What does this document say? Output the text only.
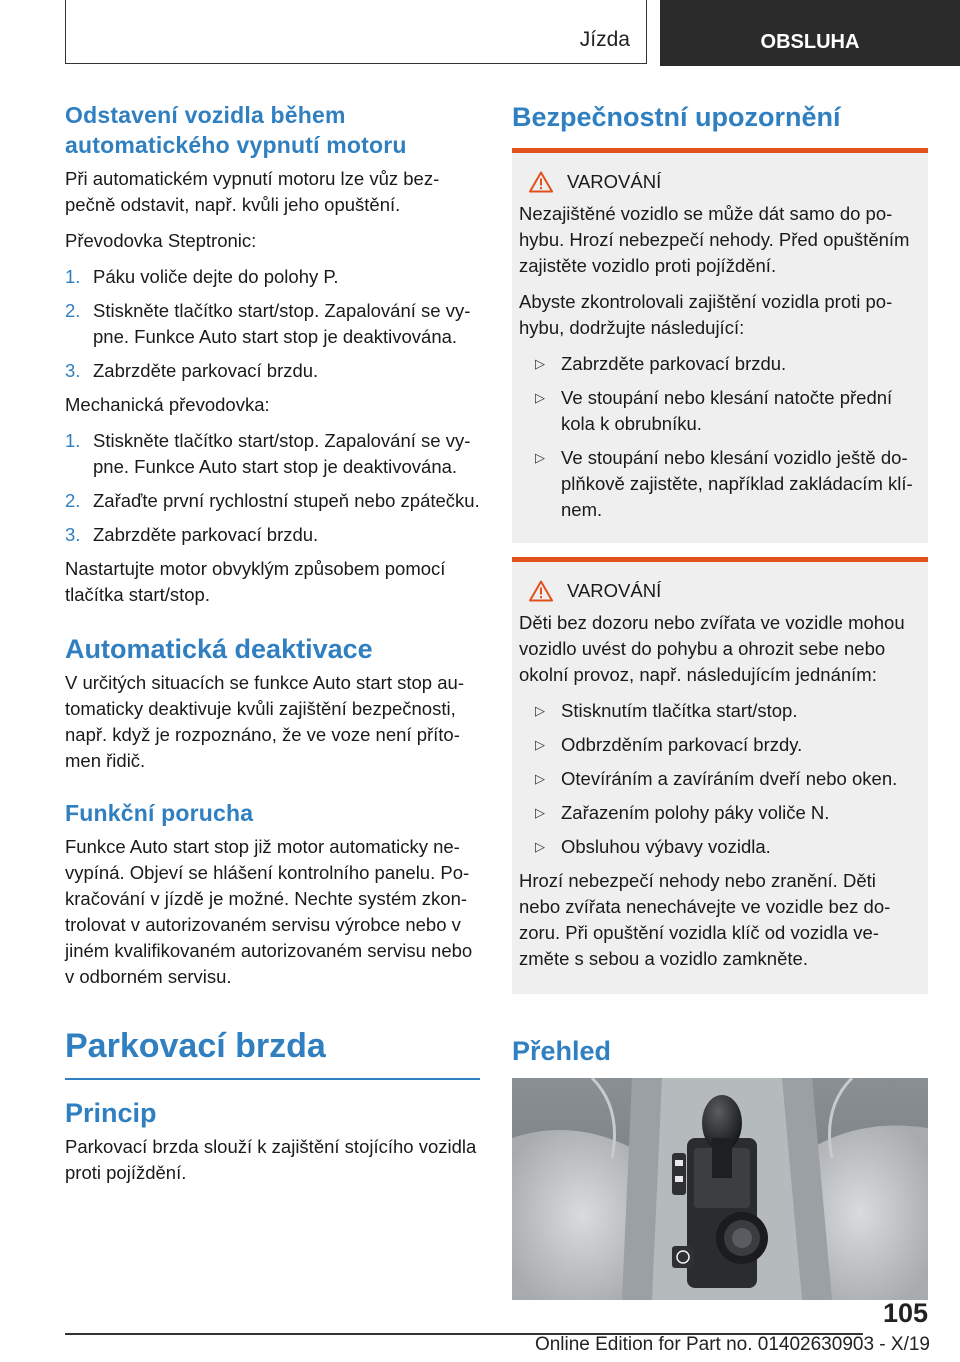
Jízda	OBSLUHA
Odstavení vozidla během automatického vypnutí motoru

Při automatickém vypnutí motoru lze vůz bezpečně odstavit, např. kvůli jeho opuštění.

Převodovka Steptronic:

1. Páku voliče dejte do polohy P.
2. Stiskněte tlačítko start/stop. Zapalování se vypne. Funkce Auto start stop je deaktivována.
3. Zabrzděte parkovací brzdu.

Mechanická převodovka:

1. Stiskněte tlačítko start/stop. Zapalování se vypne. Funkce Auto start stop je deaktivována.
2. Zařaďte první rychlostní stupeň nebo zpátečku.
3. Zabrzděte parkovací brzdu.

Nastartujte motor obvyklým způsobem pomocí tlačítka start/stop.

Automatická deaktivace

V určitých situacích se funkce Auto start stop automaticky deaktivuje kvůli zajištění bezpečnosti, např. když je rozpoznáno, že ve voze není přítomen řidič.

Funkční porucha

Funkce Auto start stop již motor automaticky nevypíná. Objeví se hlášení kontrolního panelu. Pokračování v jízdě je možné. Nechte systém zkontrolovat v autorizovaném servisu výrobce nebo v jiném kvalifikovaném autorizovaném servisu nebo v odborném servisu.

Parkovací brzda
Princip

Parkovací brzda slouží k zajištění stojícího vozidla proti pojíždění.

Bezpečnostní upozornění
VAROVÁNÍ

Nezajištěné vozidlo se může dát samo do pohybu. Hrozí nebezpečí nehody. Před opuštěním zajistěte vozidlo proti pojíždění.

Abyste zkontrolovali zajištění vozidla proti pohybu, dodržujte následující:

▷ Zabrzděte parkovací brzdu.
▷ Ve stoupání nebo klesání natočte přední kola k obrubníku.
▷ Ve stoupání nebo klesání vozidlo ještě doplňkově zajistěte, například zakládacím klínem.
VAROVÁNÍ

Děti bez dozoru nebo zvířata ve vozidle mohou vozidlo uvést do pohybu a ohrozit sebe nebo okolní provoz, např. následujícím jednáním:

▷ Stisknutím tlačítka start/stop.
▷ Odbrzděním parkovací brzdy.
▷ Otevíráním a zavíráním dveří nebo oken.
▷ Zařazením polohy páky voliče N.
▷ Obsluhou výbavy vozidla.

Hrozí nebezpečí nehody nebo zranění. Děti nebo zvířata nenechávejte ve vozidle bez dozoru. Při opuštění vozidla klíč od vozidla vezměte s sebou a vozidlo zamkněte.

Přehled
105
Online Edition for Part no. 01402630903 - X/19
